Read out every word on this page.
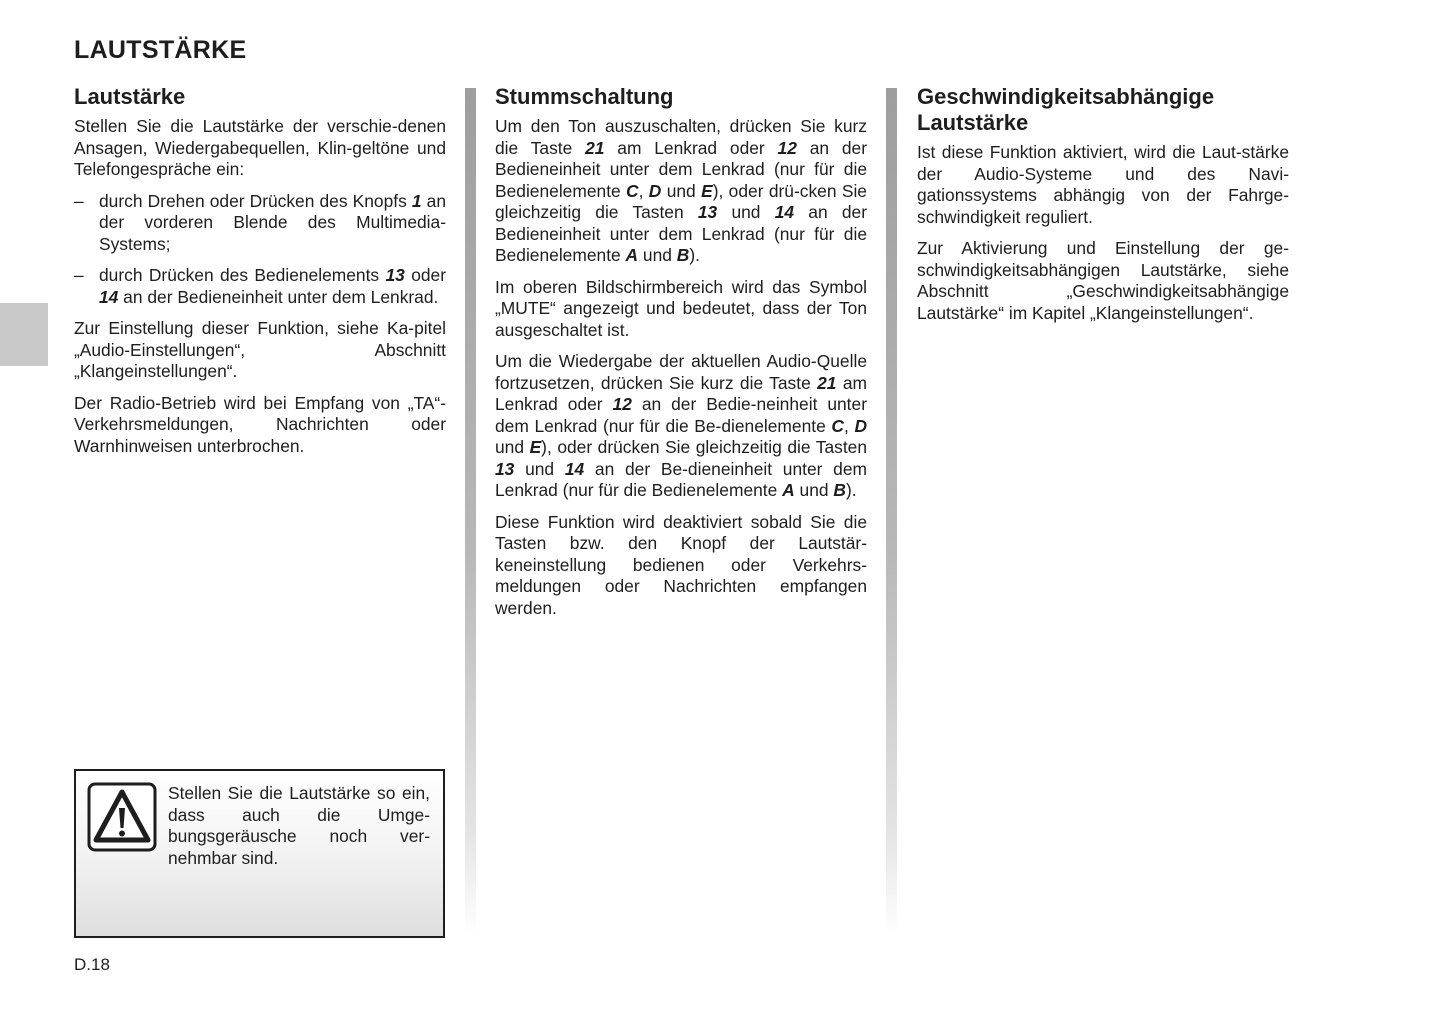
LAUTSTÄRKE
Lautstärke

Stellen Sie die Lautstärke der verschie-denen Ansagen, Wiedergabequellen, Klin-geltöne und Telefongespräche ein:

– durch Drehen oder Drücken des Knopfs 1 an der vorderen Blende des Multimedia-Systems;
– durch Drücken des Bedienelements 13 oder 14 an der Bedieneinheit unter dem Lenkrad.

Zur Einstellung dieser Funktion, siehe Ka-pitel „Audio-Einstellungen“, Abschnitt „Klangeinstellungen“.

Der Radio-Betrieb wird bei Empfang von „TA“-Verkehrsmeldungen, Nachrichten oder Warnhinweisen unterbrochen.

Stellen Sie die Lautstärke so ein, dass auch die Umge-bungsgeräusche noch ver-nehmbar sind.

Stummschaltung

Um den Ton auszuschalten, drücken Sie kurz die Taste 21 am Lenkrad oder 12 an der Bedieneinheit unter dem Lenkrad (nur für die Bedienelemente C, D und E), oder drü-cken Sie gleichzeitig die Tasten 13 und 14 an der Bedieneinheit unter dem Lenkrad (nur für die Bedienelemente A und B).

Im oberen Bildschirmbereich wird das Symbol „MUTE“ angezeigt und bedeutet, dass der Ton ausgeschaltet ist.

Um die Wiedergabe der aktuellen Audio-Quelle fortzusetzen, drücken Sie kurz die Taste 21 am Lenkrad oder 12 an der Bedie-neinheit unter dem Lenkrad (nur für die Be-dienelemente C, D und E), oder drücken Sie gleichzeitig die Tasten 13 und 14 an der Be-dieneinheit unter dem Lenkrad (nur für die Bedienelemente A und B).

Diese Funktion wird deaktiviert sobald Sie die Tasten bzw. den Knopf der Lautstär-keneinstellung bedienen oder Verkehrs-meldungen oder Nachrichten empfangen werden.

Geschwindigkeitsabhängige Lautstärke

Ist diese Funktion aktiviert, wird die Laut-stärke der Audio-Systeme und des Navi-gationssystems abhängig von der Fahrge-schwindigkeit reguliert.

Zur Aktivierung und Einstellung der ge-schwindigkeitsabhängigen Lautstärke, siehe Abschnitt „Geschwindigkeitsabhängige Lautstärke“ im Kapitel „Klangeinstellungen“.

D.18
